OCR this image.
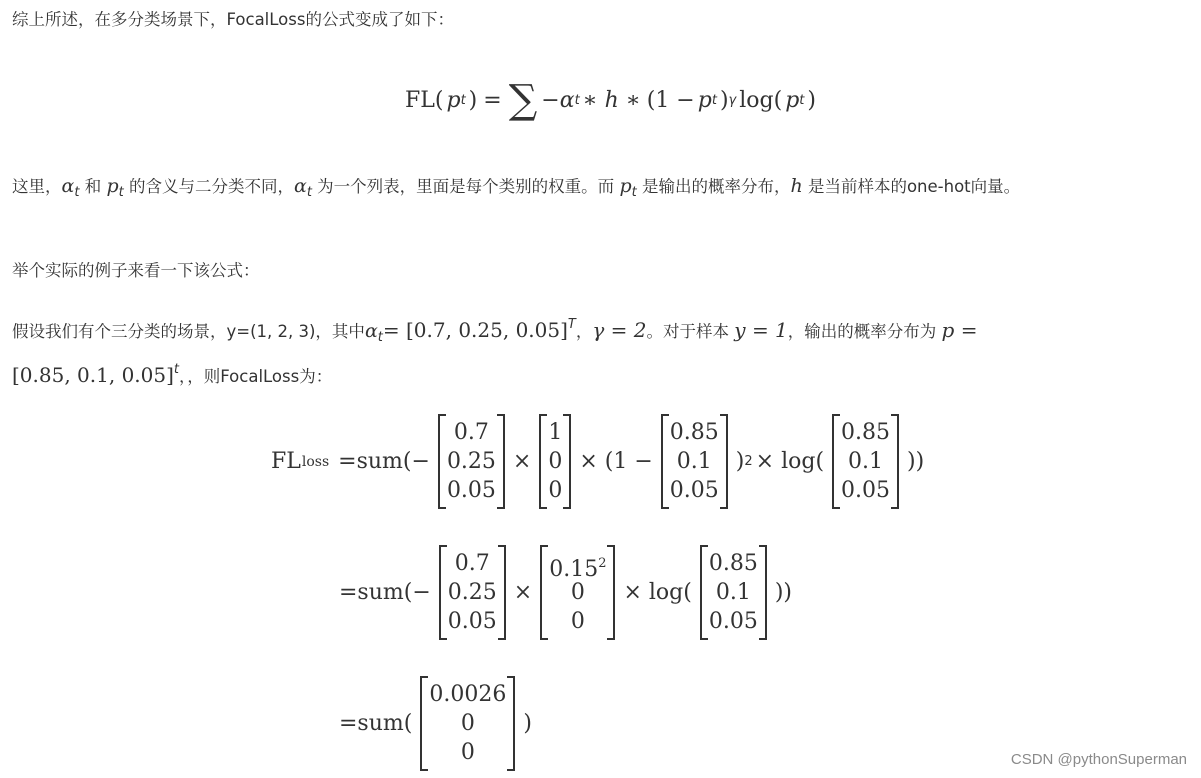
综上所述，在多分类场景下，FocalLoss的公式变成了如下：
FL( p t ) = ∑ −α t ∗ h ∗ (1 − p t ) γ log( p t )
这里，$\alpha_t$ 和 $p_t$ 的含义与二分类不同，$\alpha_t$ 为一个列表，里面是每个类别的权重。而 $p_t$ 是输出的概率分布，h 是当前样本的one-hot向量。
举个实际的例子来看一下该公式：
假设我们有个三分类的场景，y=(1, 2, 3)，其中$\alpha_t= [0.7$, 0.25, 0.05]$^T$，γ = 2。对于样本 y = 1，输出的概率分布为 p =
[0.85, 0.1, 0.05]$^t$，，则FocalLoss为：
FL loss =sum(−
0.7
0.25
0.05
×
1
0
0
× (1 −
0.85
0.1
0.05
) 2 × log(
0.85
0.1
0.05
))
=sum(−
0.7
0.25
0.05
×
$0.15^2$
0
0
× log(
0.85
0.1
0.05
))
=sum(
0.0026
0
0
)
CSDN @pythonSuperman
